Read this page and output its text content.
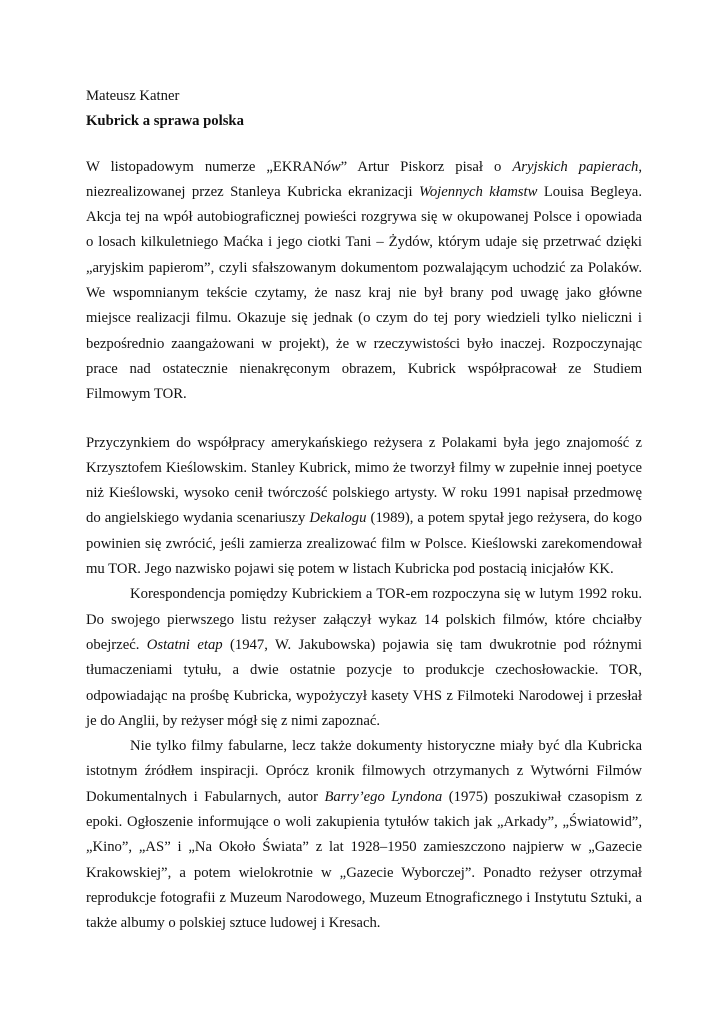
Mateusz Katner
Kubrick a sprawa polska
W listopadowym numerze „EKRANów” Artur Piskorz pisał o Aryjskich papierach,
niezrealizowanej przez Stanleya Kubricka ekranizacji Wojennych kłamstw Louisa Begleya.
Akcja tej na wpół autobiograficznej powieści rozgrywa się w okupowanej Polsce i opowiada
o losach kilkuletniego Maćka i jego ciotki Tani – Żydów, którym udaje się przetrwać dzięki
„aryjskim papierom”, czyli sfałszowanym dokumentom pozwalającym uchodzić za Polaków.
We wspomnianym tekście czytamy, że nasz kraj nie był brany pod uwagę jako główne
miejsce realizacji filmu. Okazuje się jednak (o czym do tej pory wiedzieli tylko nieliczni i
bezpośrednio zaangażowani w projekt), że w rzeczywistości było inaczej. Rozpoczynając
prace nad ostatecznie nienakręconym obrazem, Kubrick współpracował ze Studiem
Filmowym TOR.
Przyczynkiem do współpracy amerykańskiego reżysera z Polakami była jego znajomość z
Krzysztofem Kieślowskim. Stanley Kubrick, mimo że tworzył filmy w zupełnie innej poetyce
niż Kieślowski, wysoko cenił twórczość polskiego artysty. W roku 1991 napisał przedmowę
do angielskiego wydania scenariuszy Dekalogu (1989), a potem spytał jego reżysera, do kogo
powinien się zwrócić, jeśli zamierza zrealizować film w Polsce. Kieślowski zarekomendował
mu TOR. Jego nazwisko pojawi się potem w listach Kubricka pod postacią inicjałów KK.
Korespondencja pomiędzy Kubrickiem a TOR-em rozpoczyna się w lutym 1992 roku.
Do swojego pierwszego listu reżyser załączył wykaz 14 polskich filmów, które chciałby
obejrzeć. Ostatni etap (1947, W. Jakubowska) pojawia się tam dwukrotnie pod różnymi
tłumaczeniami tytułu, a dwie ostatnie pozycje to produkcje czechosłowackie. TOR,
odpowiadając na prośbę Kubricka, wypożyczył kasety VHS z Filmoteki Narodowej i przesłał
je do Anglii, by reżyser mógł się z nimi zapoznać.
Nie tylko filmy fabularne, lecz także dokumenty historyczne miały być dla Kubricka
istotnym źródłem inspiracji. Oprócz kronik filmowych otrzymanych z Wytwórni Filmów
Dokumentalnych i Fabularnych, autor Barry’ego Lyndona (1975) poszukiwał czasopism z
epoki. Ogłoszenie informujące o woli zakupienia tytułów takich jak „Arkady”, „Światowid”,
„Kino”, „AS” i „Na Około Świata” z lat 1928–1950 zamieszczono najpierw w „Gazecie
Krakowskiej”, a potem wielokrotnie w „Gazecie Wyborczej”. Ponadto reżyser otrzymał
reprodukcje fotografii z Muzeum Narodowego, Muzeum Etnograficznego i Instytutu Sztuki, a
także albumy o polskiej sztuce ludowej i Kresach.
